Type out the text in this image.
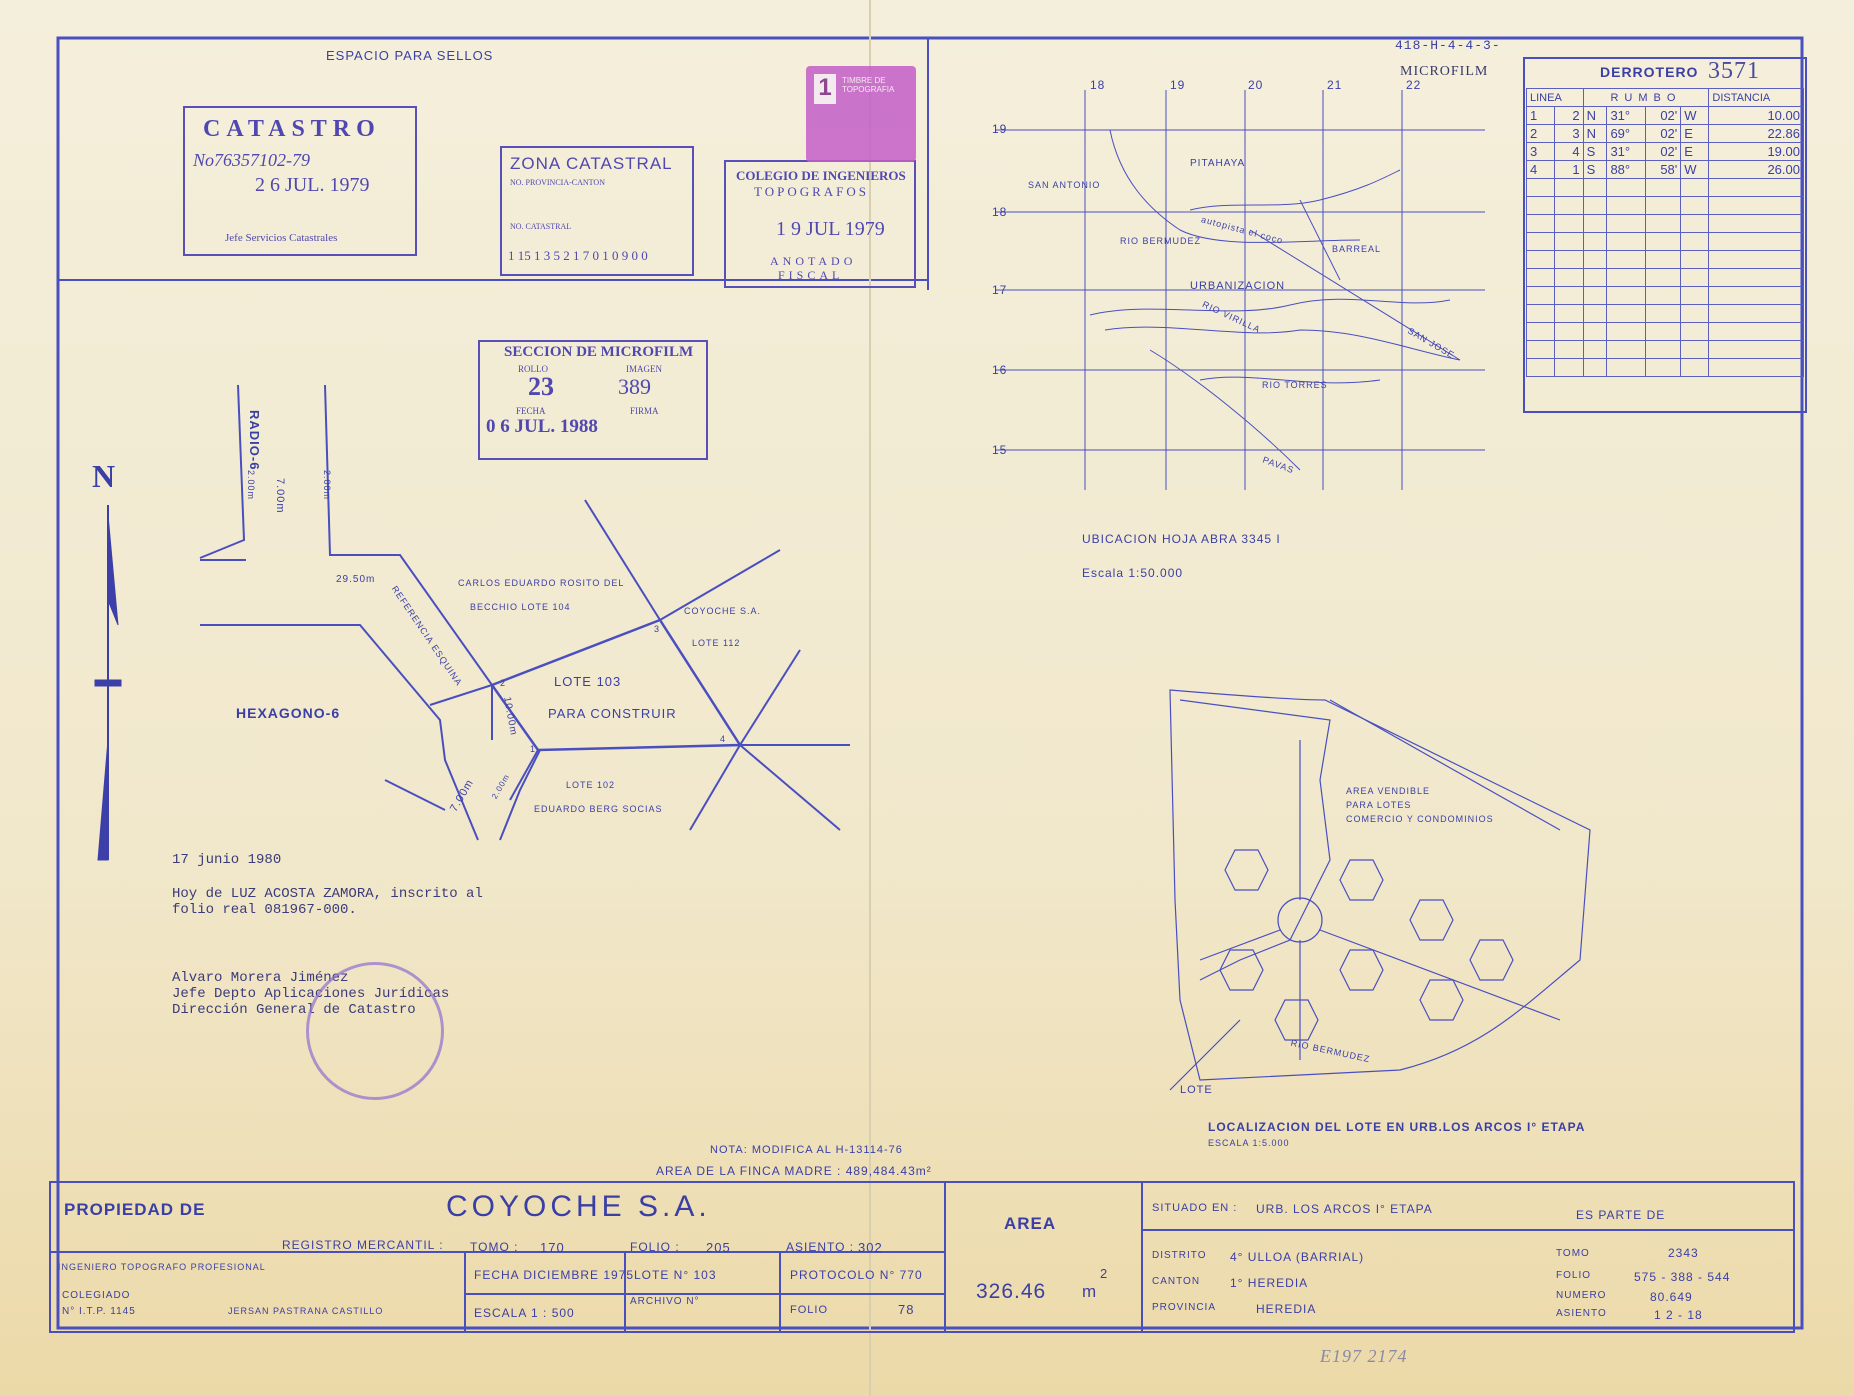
ESPACIO PARA SELLOS
418-H-4-4-3-
MICROFILM
CATASTRO
No76357102-79
2 6 JUL. 1979
Jefe Servicios Catastrales
ZONA CATASTRAL
NO. PROVINCIA-CANTON
NO. CATASTRAL
1 15 1 3 5 2 1 7 0 1 0 9 0 0
COLEGIO DE INGENIEROS
TOPOGRAFOS
1 9 JUL 1979
ANOTADO
FISCAL
1	TIMBRE DE TOPOGRAFIA
SECCION DE MICROFILM
ROLLO
23
IMAGEN
389
FECHA
0 6 JUL. 1988
FIRMA
DERROTERO 3571
LINEA		RUMBO				DISTANCIA
1	2	N	31°	02'	W	10.00
2	3	N	69°	02'	E	22.86
3	4	S	31°	02'	E	19.00
4	1	S	88°	58'	W	26.00

18	19	20	21	22
19
18
17
16
15
PITAHAYA
SAN ANTONIO
RIO BERMUDEZ autopista el coco
BARREAL
URBANIZACION
RIO VIRILLA
SAN JOSE
RIO TORRES
PAVAS
UBICACION HOJA ABRA 3345 I
Escala 1:50.000
RADIO-6
N
HEXAGONO-6
7.00m
2.00m	2.00m
29.50m
REFERENCIA ESQUINA
10.00m
7.00m 2.00m
CARLOS EDUARDO ROSITO DEL
BECCHIO LOTE 104	COYOCHE S.A.
LOTE 112
LOTE 103
PARA CONSTRUIR
LOTE 102
EDUARDO BERG SOCIAS
1
2
3
4
17 junio 1980
Hoy de LUZ ACOSTA ZAMORA, inscrito al
folio real 081967-000.
Alvaro Morera Jiménez
Jefe Depto Aplicaciones Jurídicas
Dirección General de Catastro
AREA VENDIBLE
PARA LOTES
COMERCIO Y CONDOMINIOS
LOTE
RIO BERMUDEZ
LOCALIZACION DEL LOTE EN URB.LOS ARCOS I° ETAPA
ESCALA 1:5.000
NOTA: MODIFICA AL H-13114-76
AREA DE LA FINCA MADRE : 489,484.43m²
PROPIEDAD DE	COYOCHE S.A.
REGISTRO MERCANTIL : TOMO : 170	FOLIO : 205	ASIENTO : 302
INGENIERO TOPOGRAFO PROFESIONAL
COLEGIADO
N° I.T.P. 1145	JERSAN PASTRANA CASTILLO
FECHA DICIEMBRE 1975 LOTE N° 103	PROTOCOLO N° 770
ESCALA 1 : 500
ARCHIVO N°
FOLIO	78
AREA
326.46 m
2
SITUADO EN : URB. LOS ARCOS I° ETAPA	ES PARTE DE
DISTRITO 4° ULLOA (BARRIAL)
CANTON 1° HEREDIA
PROVINCIA	HEREDIA
TOMO	2343
FOLIO	575 - 388 - 544
NUMERO	80.649
ASIENTO	1 2 - 18
E197 2174
